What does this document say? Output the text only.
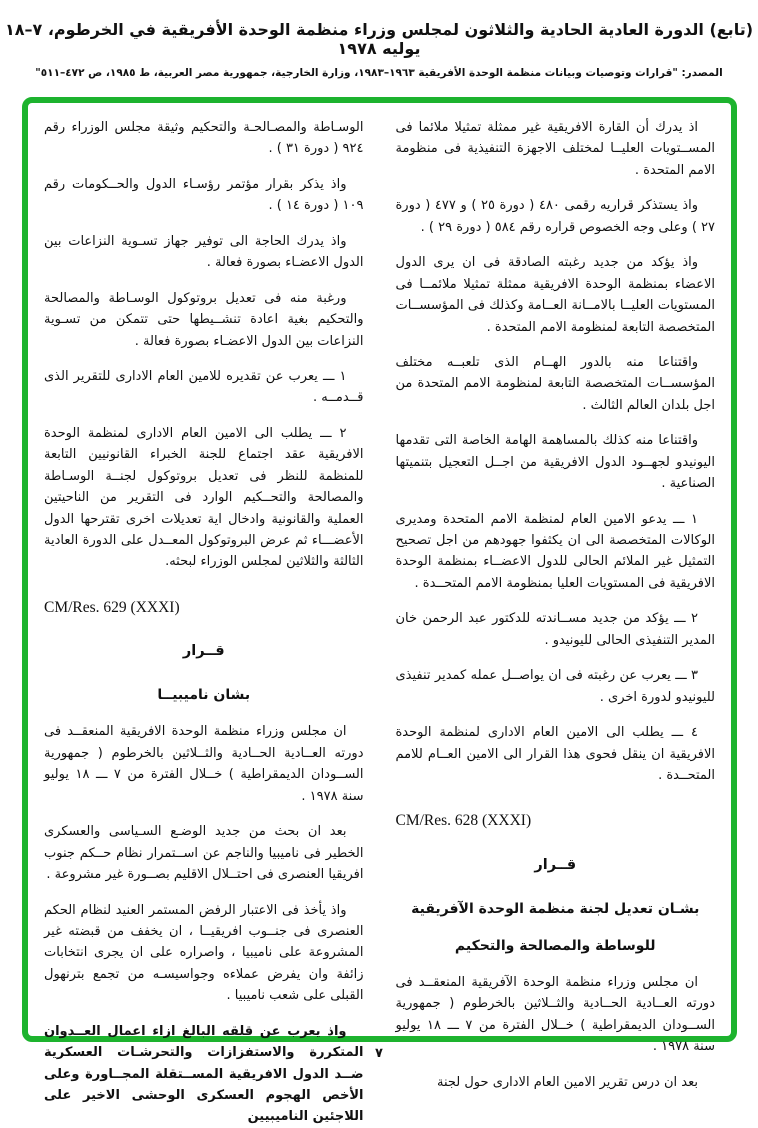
(تابع) الدورة العادية الحادية والثلاثون لمجلس وزراء منظمة الوحدة الأفريقية في الخرطوم، ٧–١٨ يوليه ١٩٧٨
المصدر: "قرارات وتوصيات وبيانات منظمة الوحدة الأفريقية ١٩٦٣–١٩٨٣، وزارة الخارجية، جمهورية مصر العربية، ط ١٩٨٥، ص ٤٧٢–٥١١"

اذ يدرك أن القارة الافريقية غير ممثلة تمثيلا ملائما فى المســتويات العليــا لمختلف الاجهزة التنفيذية فى منظومة الامم المتحدة .

واذ يستذكر قراريه رقمى ٤٨٠ ( دورة ٢٥ ) و ٤٧٧ ( دورة ٢٧ ) وعلى وجه الخصوص قراره رقم ٥٨٤ ( دورة ٢٩ ) .

واذ يؤكد من جديد رغبته الصادقة فى ان يرى الدول الاعضاء بمنظمة الوحدة الافريقية ممثلة تمثيلا ملائمــا فى المستويات العليــا بالامــانة العــامة وكذلك فى المؤسســات المتخصصة التابعة لمنظومة الامم المتحدة .

واقتناعا منه بالدور الهــام الذى تلعبــه مختلف المؤسســات المتخصصة التابعة لمنظومة الامم المتحدة من اجل بلدان العالم الثالث .

واقتناعا منه كذلك بالمساهمة الهامة الخاصة التى تقدمها اليونيدو لجهــود الدول الافريقية من اجــل التعجيل بتنميتها الصناعية .

١ ـــ يدعو الامين العام لمنظمة الامم المتحدة ومديرى الوكالات المتخصصة الى ان يكثفوا جهودهم من اجل تصحيح التمثيل غير الملائم الحالى للدول الاعضــاء بمنظمة الوحدة الافريقية فى المستويات العليا بمنظومة الامم المتحــدة .

٢ ـــ يؤكد من جديد مســاندته للدكتور عبد الرحمن خان المدير التنفيذى الحالى لليونيدو .

٣ ـــ يعرب عن رغبته فى ان يواصــل عمله كمدير تنفيذى لليونيدو لدورة اخرى .

٤ ـــ يطلب الى الامين العام الادارى لمنظمة الوحدة الافريقية ان ينقل فحوى هذا القرار الى الامين العــام للامم المتحــدة .

CM/Res. 628 (XXXI)
قــرار
بشـان تعديل لجنة منظمة الوحدة الآفريقية
للوساطة والمصالحة والتحكيم

ان مجلس وزراء منظمة الوحدة الآفريقية المنعقــد فى دورته العــادية الحــادية والثــلاثين بالخرطوم ( جمهورية الســودان الديمقراطية ) خــلال الفترة من ٧ ـــ ١٨ يوليو سنة ١٩٧٨ .

بعد ان درس تقرير الامين العام الادارى حول لجنة

الوسـاطة والمصـالحـة والتحكيم وثيقة مجلس الوزراء رقم ٩٢٤ ( دورة ٣١ ) .

واذ يذكر بقرار مؤتمر رؤسـاء الدول والحــكومات رقم ١٠٩ ( دورة ١٤ ) .

واذ يدرك الحاجة الى توفير جهاز تسـوية النزاعات بين الدول الاعضـاء بصورة فعالة .

ورغبة منه فى تعديل بروتوكول الوسـاطة والمصالحة والتحكيم بغية اعادة تنشــيطها حتى تتمكن من تسـوية النزاعات بين الدول الاعضـاء بصورة فعالة .

١ ـــ يعرب عن تقديره للامين العام الادارى للتقرير الذى قــدمــه .

٢ ـــ يطلب الى الامين العام الادارى لمنظمة الوحدة الافريقية عقد اجتماع للجنة الخبراء القانونيين التابعة للمنظمة للنظر فى تعديل بروتوكول لجنــة الوسـاطة والمصالحة والتحــكيم الوارد فى التقرير من الناحيتين العملية والقانونية وادخال اية تعديلات اخرى تقترحها الدول الأعضـــاء ثم عرض البروتوكول المعــدل على الدورة العادية الثالثة والثلاثين لمجلس الوزراء لبحثه.

CM/Res. 629 (XXXI)
قــرار
بشان ناميبيــا

ان مجلس وزراء منظمة الوحدة الافريقية المنعقــد فى دورته العــادية الحــادية والثــلاثين بالخرطوم ( جمهورية الســودان الديمقراطية ) خــلال الفترة من ٧ ـــ ١٨ يوليو سنة ١٩٧٨ .

بعد ان بحث من جديد الوضـع السـياسى والعسكرى الخطير فى ناميبيا والناجم عن اســتمرار نظام حــكم جنوب افريقيا العنصرى فى احتــلال الاقليم بصــورة غير مشروعة .

واذ يأخذ فى الاعتبار الرفض المستمر العنيد لنظام الحكم العنصرى فى جنــوب افريقيــا ، ان يخفف من قبضته غير المشروعة على ناميبيا ، واصراره على ان يجرى انتخابات زائفة وان يفرض عملاءه وجواسيسـه من تجمع بترنهول القبلى على شعب ناميبيا .

واذ يعرب عن قلقه البالغ ازاء اعمال العــدوان المتكررة والاستفزازات والتحرشـات العسكرية ضــد الدول الافريقية المســتقلة المجــاورة وعلى الأخص الهجوم العسكرى الوحشى الاخير على اللاجئين الناميبيين

٧
